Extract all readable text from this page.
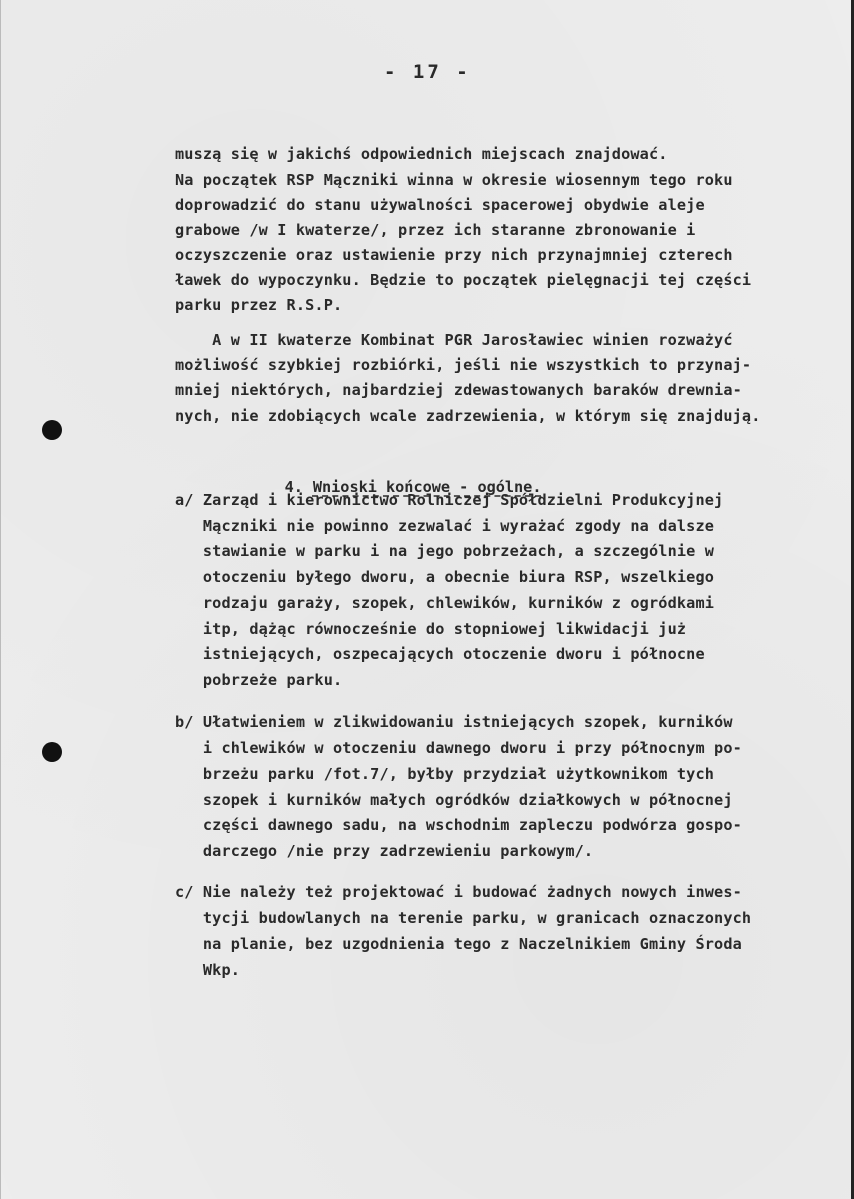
- 17 -
muszą się w jakichś odpowiednich miejscach znajdować.
Na początek RSP Mączniki winna w okresie wiosennym tego roku
doprowadzić do stanu używalności spacerowej obydwie aleje
grabowe /w I kwaterze/, przez ich staranne zbronowanie i
oczyszczenie oraz ustawienie przy nich przynajmniej czterech
ławek do wypoczynku. Będzie to początek pielęgnacji tej części
parku przez R.S.P.
A w II kwaterze Kombinat PGR Jarosławiec winien rozważyć
możliwość szybkiej rozbiórki, jeśli nie wszystkich to przynaj-
mniej niektórych, najbardziej zdewastowanych baraków drewnia-
nych, nie zdobiących wcale zadrzewienia, w którym się znajdują.

4. Wnioski końcowe - ogólne.

a/ Zarząd i kierownictwo Rolniczej Spółdzielni Produkcyjnej
Mączniki nie powinno zezwalać i wyrażać zgody na dalsze
stawianie w parku i na jego pobrzeżach, a szczególnie w
otoczeniu byłego dworu, a obecnie biura RSP, wszelkiego
rodzaju garaży, szopek, chlewików, kurników z ogródkami
itp, dążąc równocześnie do stopniowej likwidacji już
istniejących, oszpecających otoczenie dworu i północne
pobrzeże parku.
b/ Ułatwieniem w zlikwidowaniu istniejących szopek, kurników
i chlewików w otoczeniu dawnego dworu i przy północnym po-
brzeżu parku /fot.7/, byłby przydział użytkownikom tych
szopek i kurników małych ogródków działkowych w północnej
części dawnego sadu, na wschodnim zapleczu podwórza gospo-
darczego /nie przy zadrzewieniu parkowym/.
c/ Nie należy też projektować i budować żadnych nowych inwes-
tycji budowlanych na terenie parku, w granicach oznaczonych
na planie, bez uzgodnienia tego z Naczelnikiem Gminy Środa
Wkp.
